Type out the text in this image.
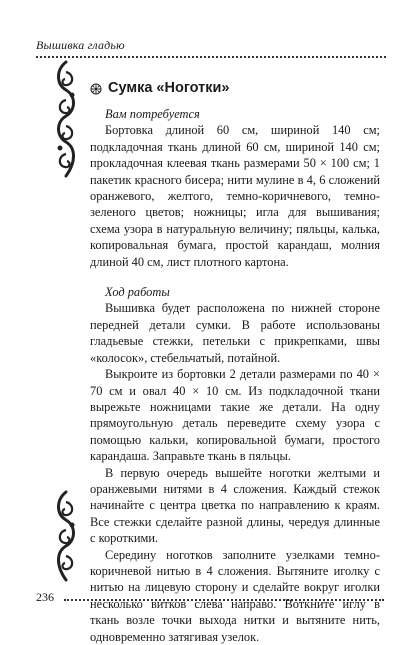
Вышивка гладью
Сумка «Ноготки»

Вам потребуется

Бортовка длиной 60 см, шириной 140 см; подкладочная ткань длиной 60 см, шириной 140 см; прокладочная клеевая ткань размерами 50 × 100 см; 1 пакетик красного бисера; нити мулине в 4, 6 сложений оранжевого, желтого, темно-коричневого, темно-зеленого цветов; ножницы; игла для вышивания; схема узора в натуральную величину; пяльцы, калька, копировальная бумага, простой карандаш, молния длиной 40 см, лист плотного картона.

Ход работы

Вышивка будет расположена по нижней стороне передней детали сумки. В работе использованы гладьевые стежки, петельки с прикрепками, швы «колосок», стебельчатый, потайной.

Выкроите из бортовки 2 детали размерами по 40 × 70 см и овал 40 × 10 см. Из подкладочной ткани вырежьте ножницами такие же детали. На одну прямоугольную деталь переведите схему узора с помощью кальки, копировальной бумаги, простого карандаша. Заправьте ткань в пяльцы.

В первую очередь вышейте ноготки желтыми и оранжевыми нитями в 4 сложения. Каждый стежок начинайте с центра цветка по направлению к краям. Все стежки сделайте разной длины, чередуя длинные с короткими.

Середину ноготков заполните узелками темно-коричневой нитью в 4 сложения. Вытяните иголку с нитью на лицевую сторону и сделайте вокруг иголки несколько витков слева направо. Воткните иглу в ткань возле точки выхода нитки и вытяните нить, одновременно затягивая узелок.

236
